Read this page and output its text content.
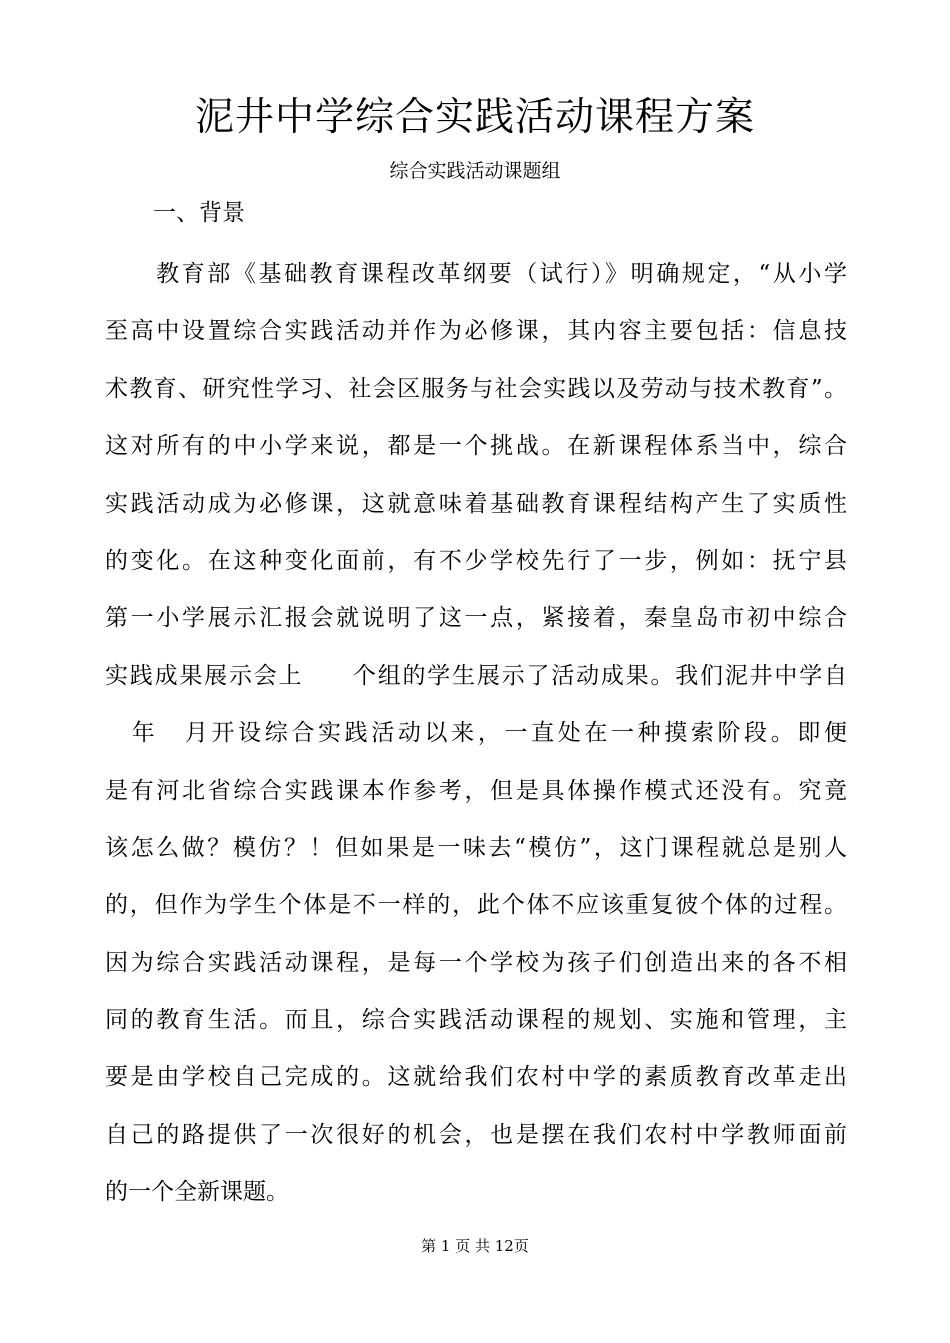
泥井中学综合实践活动课程方案
综合实践活动课题组
一、背景
　　教育部《基础教育课程改革纲要（试行）》明确规定，“从小学
至高中设置综合实践活动并作为必修课，其内容主要包括：信息技
术教育、研究性学习、社会区服务与社会实践以及劳动与技术教育”。
这对所有的中小学来说，都是一个挑战。在新课程体系当中，综合
实践活动成为必修课，这就意味着基础教育课程结构产生了实质性
的变化。在这种变化面前，有不少学校先行了一步，例如：抚宁县
第一小学展示汇报会就说明了这一点，紧接着，秦皇岛市初中综合
实践成果展示会上　　个组的学生展示了活动成果。我们泥井中学自
　年　月开设综合实践活动以来，一直处在一种摸索阶段。即便
是有河北省综合实践课本作参考，但是具体操作模式还没有。究竟
该怎么做？模仿？！但如果是一味去“模仿”，这门课程就总是别人
的，但作为学生个体是不一样的，此个体不应该重复彼个体的过程。
因为综合实践活动课程，是每一个学校为孩子们创造出来的各不相
同的教育生活。而且，综合实践活动课程的规划、实施和管理，主
要是由学校自己完成的。这就给我们农村中学的素质教育改革走出
自己的路提供了一次很好的机会，也是摆在我们农村中学教师面前
的一个全新课题。
第 1 页 共 12页
